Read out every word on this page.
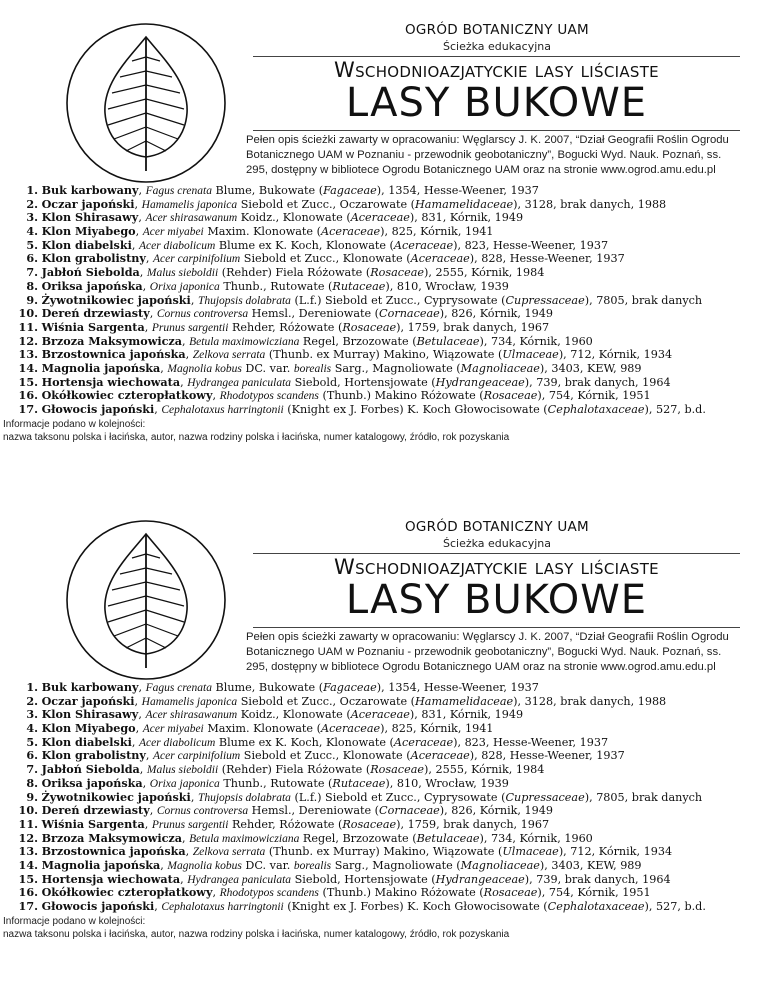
OGRÓD BOTANICZNY UAM
Ścieżka edukacyjna
Wschodnioazjatyckie lasy liściaste
LASY BUKOWE
Pełen opis ścieżki zawarty w opracowaniu: Węglarscy J. K. 2007, “Dział Geografii Roślin Ogrodu Botanicznego UAM w Poznaniu - przewodnik geobotaniczny”, Bogucki Wyd. Nauk. Poznań, ss. 295, dostępny w bibliotece Ogrodu Botanicznego UAM oraz na stronie www.ogrod.amu.edu.pl
1. Buk karbowany, Fagus crenata Blume, Bukowate (Fagaceae), 1354, Hesse-Weener, 1937
2. Oczar japoński, Hamamelis japonica Siebold et Zucc., Oczarowate (Hamamelidaceae), 3128, brak danych, 1988
3. Klon Shirasawy, Acer shirasawanum Koidz., Klonowate (Aceraceae), 831, Kórnik, 1949
4. Klon Miyabego, Acer miyabei Maxim. Klonowate (Aceraceae), 825, Kórnik, 1941
5. Klon diabelski, Acer diabolicum Blume ex K. Koch, Klonowate (Aceraceae), 823, Hesse-Weener, 1937
6. Klon grabolistny, Acer carpinifolium Siebold et Zucc., Klonowate (Aceraceae), 828, Hesse-Weener, 1937
7. Jabłoń Siebolda, Malus sieboldii (Rehder) Fiela Różowate (Rosaceae), 2555, Kórnik, 1984
8. Oriksa japońska, Orixa japonica Thunb., Rutowate (Rutaceae), 810, Wrocław, 1939
9. Żywotnikowiec japoński, Thujopsis dolabrata (L.f.) Siebold et Zucc., Cyprysowate (Cupressaceae), 7805, brak danych
10. Dereń drzewiasty, Cornus controversa Hemsl., Dereniowate (Cornaceae), 826, Kórnik, 1949
11. Wiśnia Sargenta, Prunus sargentii Rehder, Różowate (Rosaceae), 1759, brak danych, 1967
12. Brzoza Maksymowicza, Betula maximowicziana Regel, Brzozowate (Betulaceae), 734, Kórnik, 1960
13. Brzostownica japońska, Zelkova serrata (Thunb. ex Murray) Makino, Wiązowate (Ulmaceae), 712, Kórnik, 1934
14. Magnolia japońska, Magnolia kobus DC. var. borealis Sarg., Magnoliowate (Magnoliaceae), 3403, KEW, 989
15. Hortensja wiechowata, Hydrangea paniculata Siebold, Hortensjowate (Hydrangeaceae), 739, brak danych, 1964
16. Okółkowiec czteropłatkowy, Rhodotypos scandens (Thunb.) Makino Różowate (Rosaceae), 754, Kórnik, 1951
17. Głowocis japoński, Cephalotaxus harringtonii (Knight ex J. Forbes) K. Koch Głowocisowate (Cephalotaxaceae), 527, b.d.
Informacje podano w kolejności:
nazwa taksonu polska i łacińska, autor, nazwa rodziny polska i łacińska, numer katalogowy, źródło, rok pozyskania
OGRÓD BOTANICZNY UAM
Ścieżka edukacyjna
Wschodnioazjatyckie lasy liściaste
LASY BUKOWE
Pełen opis ścieżki zawarty w opracowaniu: Węglarscy J. K. 2007, “Dział Geografii Roślin Ogrodu Botanicznego UAM w Poznaniu - przewodnik geobotaniczny”, Bogucki Wyd. Nauk. Poznań, ss. 295, dostępny w bibliotece Ogrodu Botanicznego UAM oraz na stronie www.ogrod.amu.edu.pl
1. Buk karbowany, Fagus crenata Blume, Bukowate (Fagaceae), 1354, Hesse-Weener, 1937
2. Oczar japoński, Hamamelis japonica Siebold et Zucc., Oczarowate (Hamamelidaceae), 3128, brak danych, 1988
3. Klon Shirasawy, Acer shirasawanum Koidz., Klonowate (Aceraceae), 831, Kórnik, 1949
4. Klon Miyabego, Acer miyabei Maxim. Klonowate (Aceraceae), 825, Kórnik, 1941
5. Klon diabelski, Acer diabolicum Blume ex K. Koch, Klonowate (Aceraceae), 823, Hesse-Weener, 1937
6. Klon grabolistny, Acer carpinifolium Siebold et Zucc., Klonowate (Aceraceae), 828, Hesse-Weener, 1937
7. Jabłoń Siebolda, Malus sieboldii (Rehder) Fiela Różowate (Rosaceae), 2555, Kórnik, 1984
8. Oriksa japońska, Orixa japonica Thunb., Rutowate (Rutaceae), 810, Wrocław, 1939
9. Żywotnikowiec japoński, Thujopsis dolabrata (L.f.) Siebold et Zucc., Cyprysowate (Cupressaceae), 7805, brak danych
10. Dereń drzewiasty, Cornus controversa Hemsl., Dereniowate (Cornaceae), 826, Kórnik, 1949
11. Wiśnia Sargenta, Prunus sargentii Rehder, Różowate (Rosaceae), 1759, brak danych, 1967
12. Brzoza Maksymowicza, Betula maximowicziana Regel, Brzozowate (Betulaceae), 734, Kórnik, 1960
13. Brzostownica japońska, Zelkova serrata (Thunb. ex Murray) Makino, Wiązowate (Ulmaceae), 712, Kórnik, 1934
14. Magnolia japońska, Magnolia kobus DC. var. borealis Sarg., Magnoliowate (Magnoliaceae), 3403, KEW, 989
15. Hortensja wiechowata, Hydrangea paniculata Siebold, Hortensjowate (Hydrangeaceae), 739, brak danych, 1964
16. Okółkowiec czteropłatkowy, Rhodotypos scandens (Thunb.) Makino Różowate (Rosaceae), 754, Kórnik, 1951
17. Głowocis japoński, Cephalotaxus harringtonii (Knight ex J. Forbes) K. Koch Głowocisowate (Cephalotaxaceae), 527, b.d.
Informacje podano w kolejności:
nazwa taksonu polska i łacińska, autor, nazwa rodziny polska i łacińska, numer katalogowy, źródło, rok pozyskania
